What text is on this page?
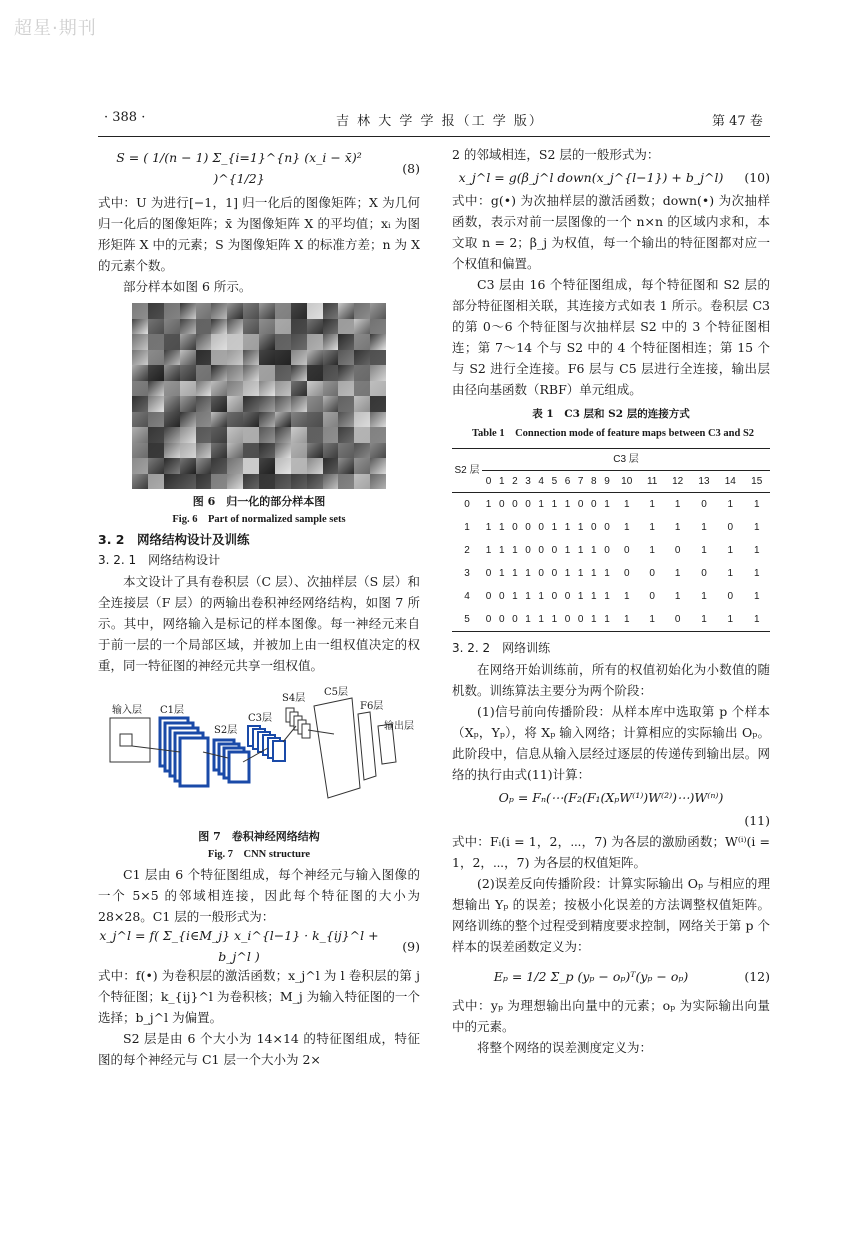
超星·期刊
· 388 ·	吉 林 大 学 学 报（工 学 版）	第 47 卷
S = ( 1/(n − 1) Σ_{i=1}^{n} (x_i − x̄)² )^{1/2}
(8)

式中：U 为进行[−1，1] 归一化后的图像矩阵；X 为几何归一化后的图像矩阵；x̄ 为图像矩阵 X 的平均值；xᵢ 为图形矩阵 X 中的元素；S 为图像矩阵 X 的标准方差；n 为 X 的元素个数。

部分样本如图 6 所示。

图 6　归一化的部分样本图

Fig. 6　Part of normalized sample sets

3. 2　网络结构设计及训练

3. 2. 1　网络结构设计

本文设计了具有卷积层（C 层）、次抽样层（S 层）和全连接层（F 层）的两输出卷积神经网络结构，如图 7 所示。其中，网络输入是标记的样本图像。每一神经元来自于前一层的一个局部区域，并被加上由一组权值决定的权重，同一特征图的神经元共享一组权值。

输入层 C1层
S2层
C3层
S4层
C5层
F6层
输出层

图 7　卷积神经网络结构

Fig. 7　CNN structure

C1 层由 6 个特征图组成，每个神经元与输入图像的一个 5×5 的邻域相连接，因此每个特征图的大小为 28×28。C1 层的一般形式为：

x_j^l = f( Σ_{i∈M_j} x_i^{l−1} · k_{ij}^l + b_j^l )
(9)

式中：f(•) 为卷积层的激活函数；x_j^l 为 l 卷积层的第 j 个特征图；k_{ij}^l 为卷积核；M_j 为输入特征图的一个选择；b_j^l 为偏置。

S2 层是由 6 个大小为 14×14 的特征图组成，特征图的每个神经元与 C1 层一个大小为 2×

2 的邻域相连，S2 层的一般形式为：

x_j^l = g(β_j^l down(x_j^{l−1}) + b_j^l)	(10)

式中：g(•) 为次抽样层的激活函数；down(•) 为次抽样函数，表示对前一层图像的一个 n×n 的区域内求和，本文取 n = 2；β_j 为权值，每一个输出的特征图都对应一个权值和偏置。

C3 层由 16 个特征图组成，每个特征图和 S2 层的部分特征图相关联，其连接方式如表 1 所示。卷积层 C3 的第 0～6 个特征图与次抽样层 S2 中的 3 个特征图相连；第 7～14 个与 S2 中的 4 个特征图相连；第 15 个与 S2 进行全连接。F6 层与 C5 层进行全连接，输出层由径向基函数（RBF）单元组成。

表 1　C3 层和 S2 层的连接方式

Table 1　Connection mode of feature maps between C3 and S2

S2 层	C3 层															
	0	1	2	3	4	5	6	7	8	9	10	11	12	13	14	15
0	1	0	0	0	1	1	1	0	0	1	1	1	1	0	1	1
1	1	1	0	0	0	1	1	1	0	0	1	1	1	1	0	1
2	1	1	1	0	0	0	1	1	1	0	0	1	0	1	1	1
3	0	1	1	1	0	0	1	1	1	1	0	0	1	0	1	1
4	0	0	1	1	1	0	0	1	1	1	1	0	1	1	0	1
5	0	0	0	1	1	1	0	0	1	1	1	1	0	1	1	1

3. 2. 2　网络训练

在网络开始训练前，所有的权值初始化为小数值的随机数。训练算法主要分为两个阶段：

(1)信号前向传播阶段：从样本库中选取第 p 个样本（Xₚ，Yₚ），将 Xₚ 输入网络；计算相应的实际输出 Oₚ。此阶段中，信息从输入层经过逐层的传递传到输出层。网络的执行由式(11)计算：

Oₚ = Fₙ(⋯(F₂(F₁(XₚW⁽¹⁾)W⁽²⁾)⋯)W⁽ⁿ⁾)
(11)

式中：Fᵢ(i = 1，2，⋯，7) 为各层的激励函数；W⁽ⁱ⁾(i = 1，2，⋯，7) 为各层的权值矩阵。

(2)误差反向传播阶段：计算实际输出 Oₚ 与相应的理想输出 Yₚ 的误差；按极小化误差的方法调整权值矩阵。网络训练的整个过程受到精度要求控制，网络关于第 p 个样本的误差函数定义为：

Eₚ = 1/2 Σ_p (yₚ − oₚ)ᵀ(yₚ − oₚ)	(12)

式中：yₚ 为理想输出向量中的元素；oₚ 为实际输出向量中的元素。

将整个网络的误差测度定义为：
